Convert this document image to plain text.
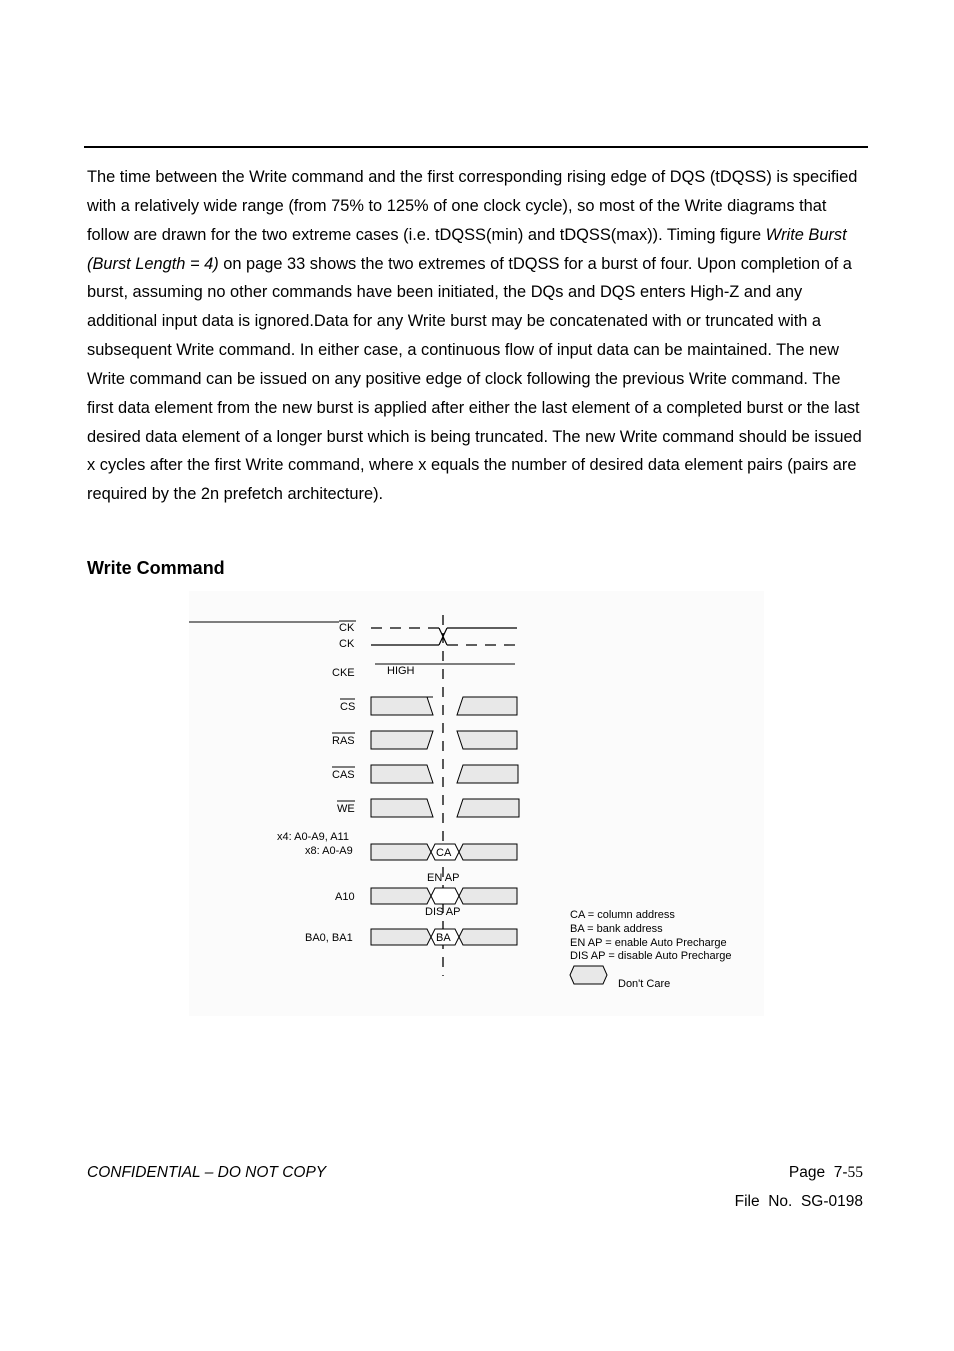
The time between the Write command and the first corresponding rising edge of DQS (tDQSS) is specified with a relatively wide range (from 75% to 125% of one clock cycle), so most of the Write diagrams that follow are drawn for the two extreme cases (i.e. tDQSS(min) and tDQSS(max)). Timing figure Write Burst (Burst Length = 4) on page 33 shows the two extremes of tDQSS for a burst of four. Upon completion of a burst, assuming no other commands have been initiated, the DQs and DQS enters High-Z and any additional input data is ignored.Data for any Write burst may be concatenated with or truncated with a subsequent Write command. In either case, a continuous flow of input data can be maintained. The new Write command can be issued on any positive edge of clock following the previous Write command. The first data element from the new burst is applied after either the last element of a completed burst or the last desired data element of a longer burst which is being truncated. The new Write command should be issued x cycles after the first Write command, where x equals the number of desired data element pairs (pairs are required by the 2n prefetch architecture).

Write Command
CK
CK
CKE	HIGH
CS
RAS
CAS
WE
x4: A0-A9, A11
x8: A0-A9	CA
EN AP
A10
DIS AP
BA0, BA1	BA
CA = column address
BA = bank address
EN AP = enable Auto Precharge
DIS AP = disable Auto Precharge
Don't Care
CONFIDENTIAL – DO NOT COPY	Page  7-55
File  No.  SG-0198
